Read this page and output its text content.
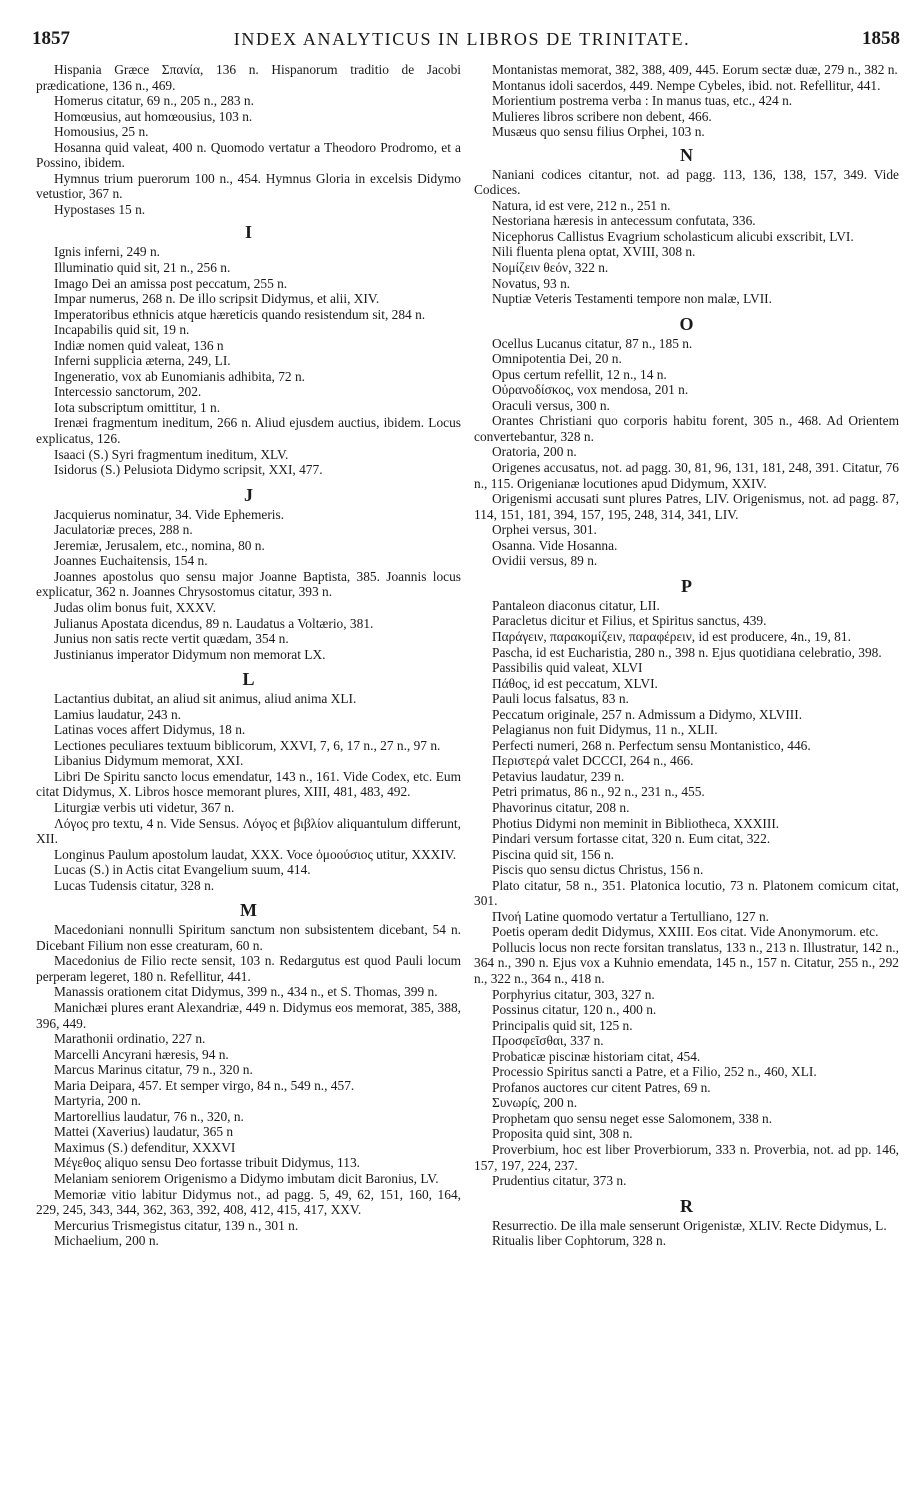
1857	INDEX ANALYTICUS IN LIBROS DE TRINITATE.	1858

Hispania Græce Σπανία, 136 n. Hispanorum traditio de Jacobi prædicatione, 136 n., 469.

Homerus citatur, 69 n., 205 n., 283 n.

Homœusius, aut homœousius, 103 n.

Homousius, 25 n.

Hosanna quid valeat, 400 n. Quomodo vertatur a Theodoro Prodromo, et a Possino, ibidem.

Hymnus trium puerorum 100 n., 454. Hymnus Gloria in excelsis Didymo vetustior, 367 n.

Hypostases 15 n.

I

Ignis inferni, 249 n.

Illuminatio quid sit, 21 n., 256 n.

Imago Dei an amissa post peccatum, 255 n.

Impar numerus, 268 n. De illo scripsit Didymus, et alii, XIV.

Imperatoribus ethnicis atque hæreticis quando resistendum sit, 284 n.

Incapabilis quid sit, 19 n.

Indiæ nomen quid valeat, 136 n

Inferni supplicia æterna, 249, LI.

Ingeneratio, vox ab Eunomianis adhibita, 72 n.

Intercessio sanctorum, 202.

Iota subscriptum omittitur, 1 n.

Irenæi fragmentum ineditum, 266 n. Aliud ejusdem auctius, ibidem. Locus explicatus, 126.

Isaaci (S.) Syri fragmentum ineditum, XLV.

Isidorus (S.) Pelusiota Didymo scripsit, XXI, 477.

J

Jacquierus nominatur, 34. Vide Ephemeris.

Jaculatoriæ preces, 288 n.

Jeremiæ, Jerusalem, etc., nomina, 80 n.

Joannes Euchaitensis, 154 n.

Joannes apostolus quo sensu major Joanne Baptista, 385. Joannis locus explicatur, 362 n. Joannes Chrysostomus citatur, 393 n.

Judas olim bonus fuit, XXXV.

Julianus Apostata dicendus, 89 n. Laudatus a Voltærio, 381.

Junius non satis recte vertit quædam, 354 n.

Justinianus imperator Didymum non memorat LX.

L

Lactantius dubitat, an aliud sit animus, aliud anima XLI.

Lamius laudatur, 243 n.

Latinas voces affert Didymus, 18 n.

Lectiones peculiares textuum biblicorum, XXVI, 7, 6, 17 n., 27 n., 97 n.

Libanius Didymum memorat, XXI.

Libri De Spiritu sancto locus emendatur, 143 n., 161. Vide Codex, etc. Eum citat Didymus, X. Libros hosce memorant plures, XIII, 481, 483, 492.

Liturgiæ verbis uti videtur, 367 n.

Λόγος pro textu, 4 n. Vide Sensus. Λόγος et βιβλίον aliquantulum differunt, XII.

Longinus Paulum apostolum laudat, XXX. Voce ὁμοούσιος utitur, XXXIV.

Lucas (S.) in Actis citat Evangelium suum, 414.

Lucas Tudensis citatur, 328 n.

M

Macedoniani nonnulli Spiritum sanctum non subsistentem dicebant, 54 n. Dicebant Filium non esse creaturam, 60 n.

Macedonius de Filio recte sensit, 103 n. Redargutus est quod Pauli locum perperam legeret, 180 n. Refellitur, 441.

Manassis orationem citat Didymus, 399 n., 434 n., et S. Thomas, 399 n.

Manichæi plures erant Alexandriæ, 449 n. Didymus eos memorat, 385, 388, 396, 449.

Marathonii ordinatio, 227 n.

Marcelli Ancyrani hæresis, 94 n.

Marcus Marinus citatur, 79 n., 320 n.

Maria Deipara, 457. Et semper virgo, 84 n., 549 n., 457.

Martyria, 200 n.

Martorellius laudatur, 76 n., 320, n.

Mattei (Xaverius) laudatur, 365 n

Maximus (S.) defenditur, XXXVI

Μέγεθος aliquo sensu Deo fortasse tribuit Didymus, 113.

Melaniam seniorem Origenismo a Didymo imbutam dicit Baronius, LV.

Memoriæ vitio labitur Didymus not., ad pagg. 5, 49, 62, 151, 160, 164, 229, 245, 343, 344, 362, 363, 392, 408, 412, 415, 417, XXV.

Mercurius Trismegistus citatur, 139 n., 301 n.

Michaelium, 200 n.

Montanistas memorat, 382, 388, 409, 445. Eorum sectæ duæ, 279 n., 382 n.

Montanus idoli sacerdos, 449. Nempe Cybeles, ibid. not. Refellitur, 441.

Morientium postrema verba : In manus tuas, etc., 424 n.

Mulieres libros scribere non debent, 466.

Musæus quo sensu filius Orphei, 103 n.

N

Naniani codices citantur, not. ad pagg. 113, 136, 138, 157, 349. Vide Codices.

Natura, id est vere, 212 n., 251 n.

Nestoriana hæresis in antecessum confutata, 336.

Nicephorus Callistus Evagrium scholasticum alicubi exscribit, LVI.

Nili fluenta plena optat, XVIII, 308 n.

Νομίζειν θεόν, 322 n.

Novatus, 93 n.

Nuptiæ Veteris Testamenti tempore non malæ, LVII.

O

Ocellus Lucanus citatur, 87 n., 185 n.

Omnipotentia Dei, 20 n.

Opus certum refellit, 12 n., 14 n.

Οὐρανοδίσκος, vox mendosa, 201 n.

Oraculi versus, 300 n.

Orantes Christiani quo corporis habitu forent, 305 n., 468. Ad Orientem convertebantur, 328 n.

Oratoria, 200 n.

Origenes accusatus, not. ad pagg. 30, 81, 96, 131, 181, 248, 391. Citatur, 76 n., 115. Origenianæ locutiones apud Didymum, XXIV.

Origenismi accusati sunt plures Patres, LIV. Origenismus, not. ad pagg. 87, 114, 151, 181, 394, 157, 195, 248, 314, 341, LIV.

Orphei versus, 301.

Osanna. Vide Hosanna.

Ovidii versus, 89 n.

P

Pantaleon diaconus citatur, LII.

Paracletus dicitur et Filius, et Spiritus sanctus, 439.

Παράγειν, παρακομίζειν, παραφέρειν, id est producere, 4n., 19, 81.

Pascha, id est Eucharistia, 280 n., 398 n. Ejus quotidiana celebratio, 398.

Passibilis quid valeat, XLVI

Πάθος, id est peccatum, XLVI.

Pauli locus falsatus, 83 n.

Peccatum originale, 257 n. Admissum a Didymo, XLVIII.

Pelagianus non fuit Didymus, 11 n., XLII.

Perfecti numeri, 268 n. Perfectum sensu Montanistico, 446.

Περιστερά valet DCCCI, 264 n., 466.

Petavius laudatur, 239 n.

Petri primatus, 86 n., 92 n., 231 n., 455.

Phavorinus citatur, 208 n.

Photius Didymi non meminit in Bibliotheca, XXXIII.

Pindari versum fortasse citat, 320 n. Eum citat, 322.

Piscina quid sit, 156 n.

Piscis quo sensu dictus Christus, 156 n.

Plato citatur, 58 n., 351. Platonica locutio, 73 n. Platonem comicum citat, 301.

Πνοή Latine quomodo vertatur a Tertulliano, 127 n.

Poetis operam dedit Didymus, XXIII. Eos citat. Vide Anonymorum. etc.

Pollucis locus non recte forsitan translatus, 133 n., 213 n. Illustratur, 142 n., 364 n., 390 n. Ejus vox a Kuhnio emendata, 145 n., 157 n. Citatur, 255 n., 292 n., 322 n., 364 n., 418 n.

Porphyrius citatur, 303, 327 n.

Possinus citatur, 120 n., 400 n.

Principalis quid sit, 125 n.

Προσφεῖσθαι, 337 n.

Probaticæ piscinæ historiam citat, 454.

Processio Spiritus sancti a Patre, et a Filio, 252 n., 460, XLI.

Profanos auctores cur citent Patres, 69 n.

Συνωρίς, 200 n.

Prophetam quo sensu neget esse Salomonem, 338 n.

Proposita quid sint, 308 n.

Proverbium, hoc est liber Proverbiorum, 333 n. Proverbia, not. ad pp. 146, 157, 197, 224, 237.

Prudentius citatur, 373 n.

R

Resurrectio. De illa male senserunt Origenistæ, XLIV. Recte Didymus, L.

Ritualis liber Cophtorum, 328 n.
